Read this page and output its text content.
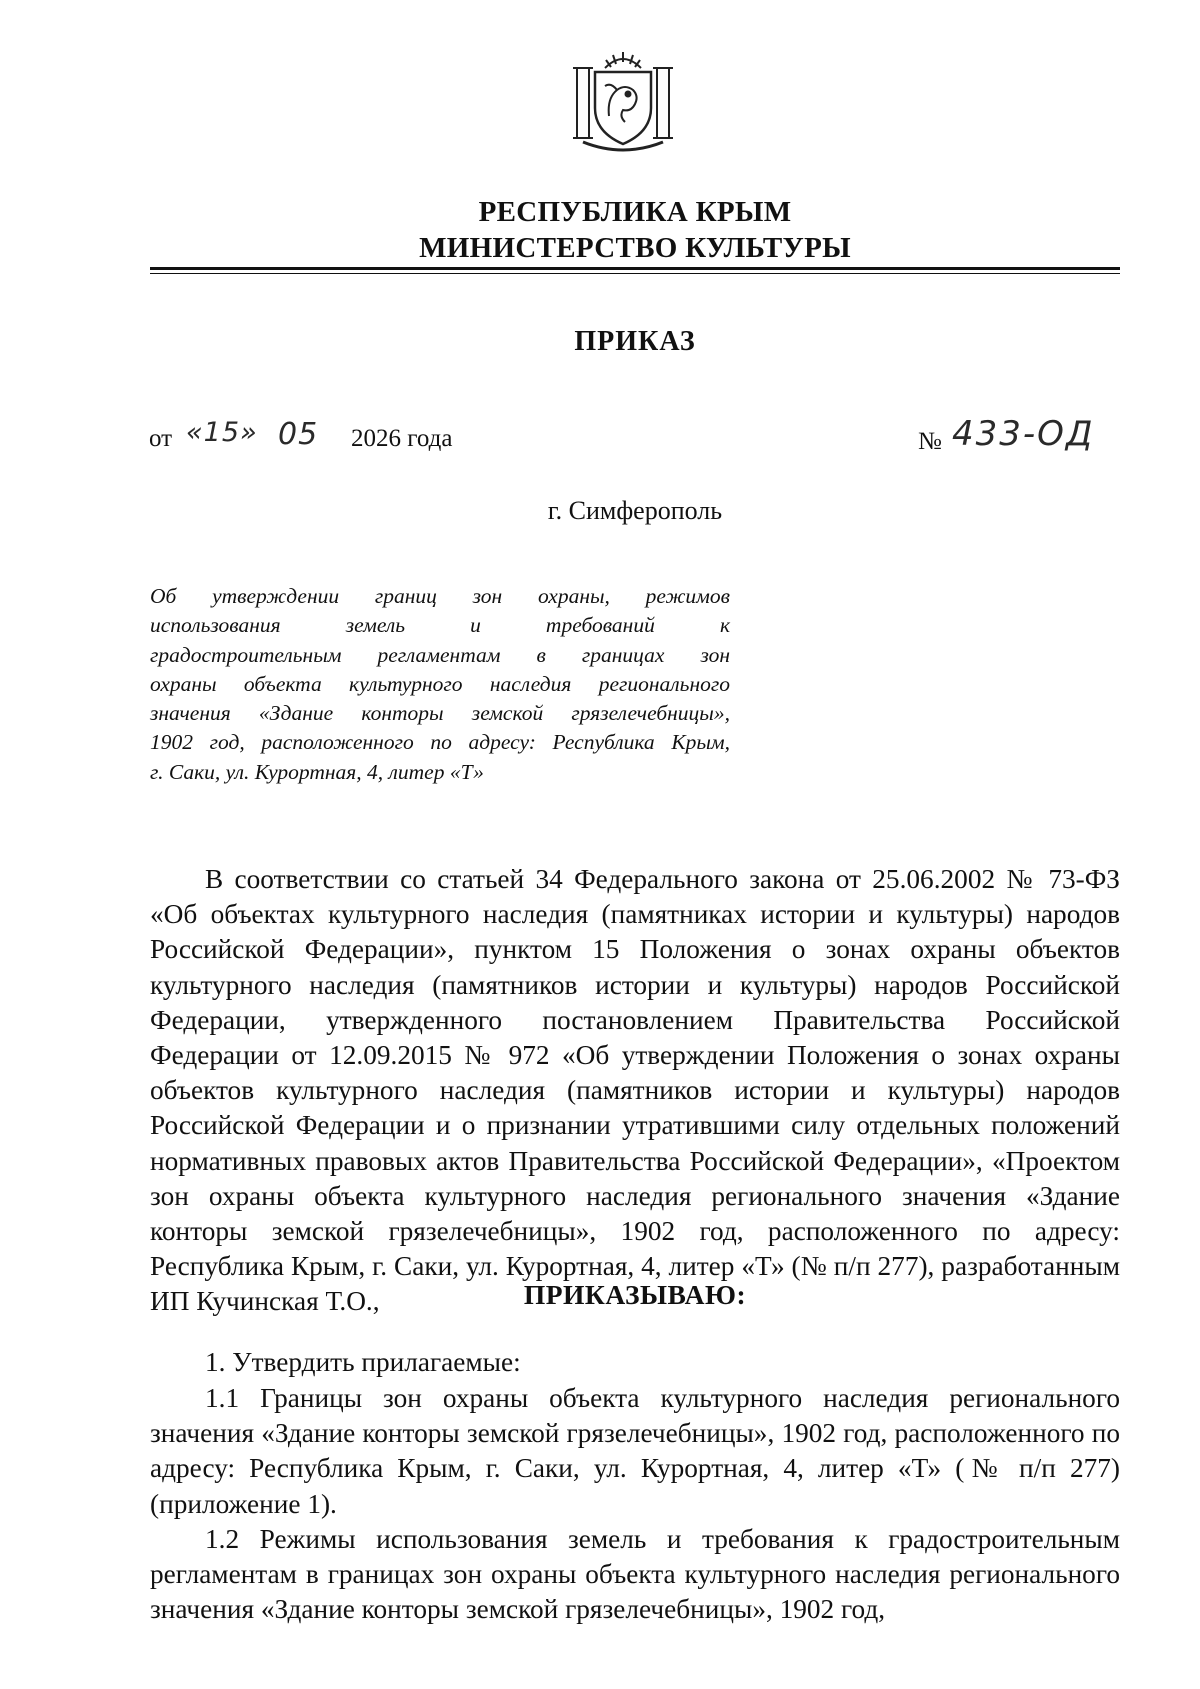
РЕСПУБЛИКА КРЫМ
МИНИСТЕРСТВО КУЛЬТУРЫ
ПРИКАЗ
от «15» 05 2026 года	№ 433-ОД
г. Симферополь
Об утверждении границ зон охраны, режимов
использования земель и требований к
градостроительным регламентам в границах зон
охраны объекта культурного наследия регионального
значения «Здание конторы земской грязелечебницы»,
1902 год, расположенного по адресу: Республика Крым,
г. Саки, ул. Курортная, 4, литер «Т»
В соответствии со статьей 34 Федерального закона от 25.06.2002 № 73-ФЗ «Об объектах культурного наследия (памятниках истории и культуры) народов Российской Федерации», пунктом 15 Положения о зонах охраны объектов культурного наследия (памятников истории и культуры) народов Российской Федерации, утвержденного постановлением Правительства Российской Федерации от 12.09.2015 № 972 «Об утверждении Положения о зонах охраны объектов культурного наследия (памятников истории и культуры) народов Российской Федерации и о признании утратившими силу отдельных положений нормативных правовых актов Правительства Российской Федерации», «Проектом зон охраны объекта культурного наследия регионального значения «Здание конторы земской грязелечебницы», 1902 год, расположенного по адресу: Республика Крым, г. Саки, ул. Курортная, 4, литер «Т» (№ п/п 277), разработанным ИП Кучинская Т.О.,	ПРИКАЗЫВАЮ:
1. Утвердить прилагаемые:
1.1 Границы зон охраны объекта культурного наследия регионального значения «Здание конторы земской грязелечебницы», 1902 год, расположенного по адресу: Республика Крым, г. Саки, ул. Курортная, 4, литер «Т» (№ п/п 277) (приложение 1).
1.2 Режимы использования земель и требования к градостроительным регламентам в границах зон охраны объекта культурного наследия регионального значения «Здание конторы земской грязелечебницы», 1902 год,
